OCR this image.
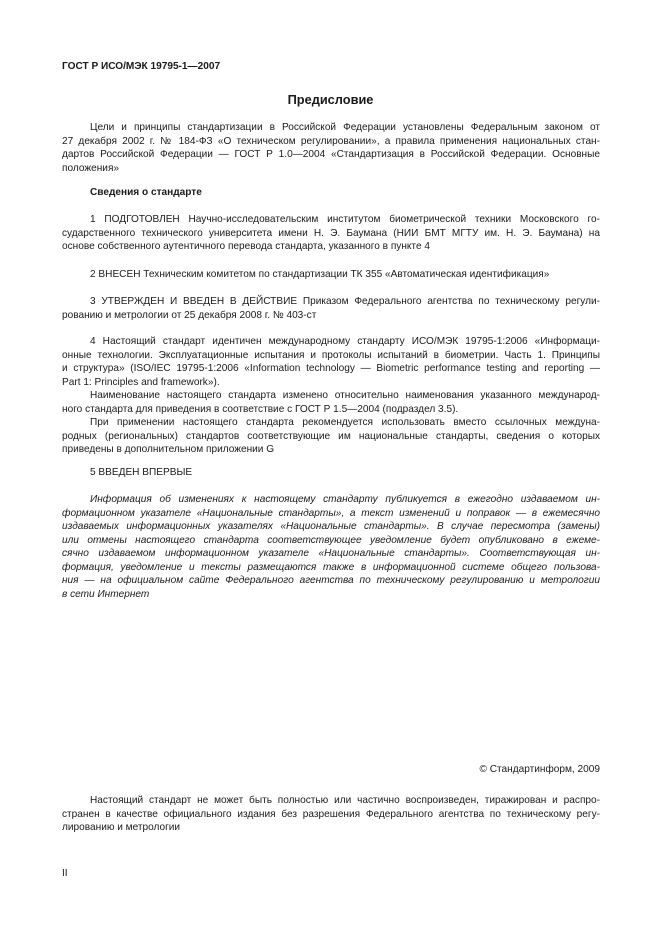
ГОСТ Р ИСО/МЭК 19795-1—2007
Предисловие
Цели и принципы стандартизации в Российской Федерации установлены Федеральным законом от
27 декабря 2002 г. № 184-ФЗ «О техническом регулировании», а правила применения национальных стан-
дартов Российской Федерации — ГОСТ Р 1.0—2004 «Стандартизация в Российской Федерации. Основные
положения»
Сведения о стандарте
1 ПОДГОТОВЛЕН Научно-исследовательским институтом биометрической техники Московского го-
сударственного технического университета имени Н. Э. Баумана (НИИ БМТ МГТУ им. Н. Э. Баумана) на
основе собственного аутентичного перевода стандарта, указанного в пункте 4
2 ВНЕСЕН Техническим комитетом по стандартизации ТК 355 «Автоматическая идентификация»
3 УТВЕРЖДЕН И ВВЕДЕН В ДЕЙСТВИЕ Приказом Федерального агентства по техническому регули-
рованию и метрологии от 25 декабря 2008 г. № 403-ст
4 Настоящий стандарт идентичен международному стандарту ИСО/МЭК 19795-1:2006 «Информаци-
онные технологии. Эксплуатационные испытания и протоколы испытаний в биометрии. Часть 1. Принципы
и структура» (ISO/IEC 19795-1:2006 «Information technology — Biometric performance testing and reporting —
Part 1: Principles and framework»).
Наименование настоящего стандарта изменено относительно наименования указанного международ-
ного стандарта для приведения в соответствие с ГОСТ Р 1.5—2004 (подраздел 3.5).
При применении настоящего стандарта рекомендуется использовать вместо ссылочных междуна-
родных (региональных) стандартов соответствующие им национальные стандарты, сведения о которых
приведены в дополнительном приложении G
5 ВВЕДЕН ВПЕРВЫЕ
Информация об изменениях к настоящему стандарту публикуется в ежегодно издаваемом ин-
формационном указателе «Национальные стандарты», а текст изменений и поправок — в ежемесячно
издаваемых информационных указателях «Национальные стандарты». В случае пересмотра (замены)
или отмены настоящего стандарта соответствующее уведомление будет опубликовано в ежеме-
сячно издаваемом информационном указателе «Национальные стандарты». Соответствующая ин-
формация, уведомление и тексты размещаются также в информационной системе общего пользова-
ния — на официальном сайте Федерального агентства по техническому регулированию и метрологии
в сети Интернет
© Стандартинформ, 2009
Настоящий стандарт не может быть полностью или частично воспроизведен, тиражирован и распро-
странен в качестве официального издания без разрешения Федерального агентства по техническому регу-
лированию и метрологии
II
